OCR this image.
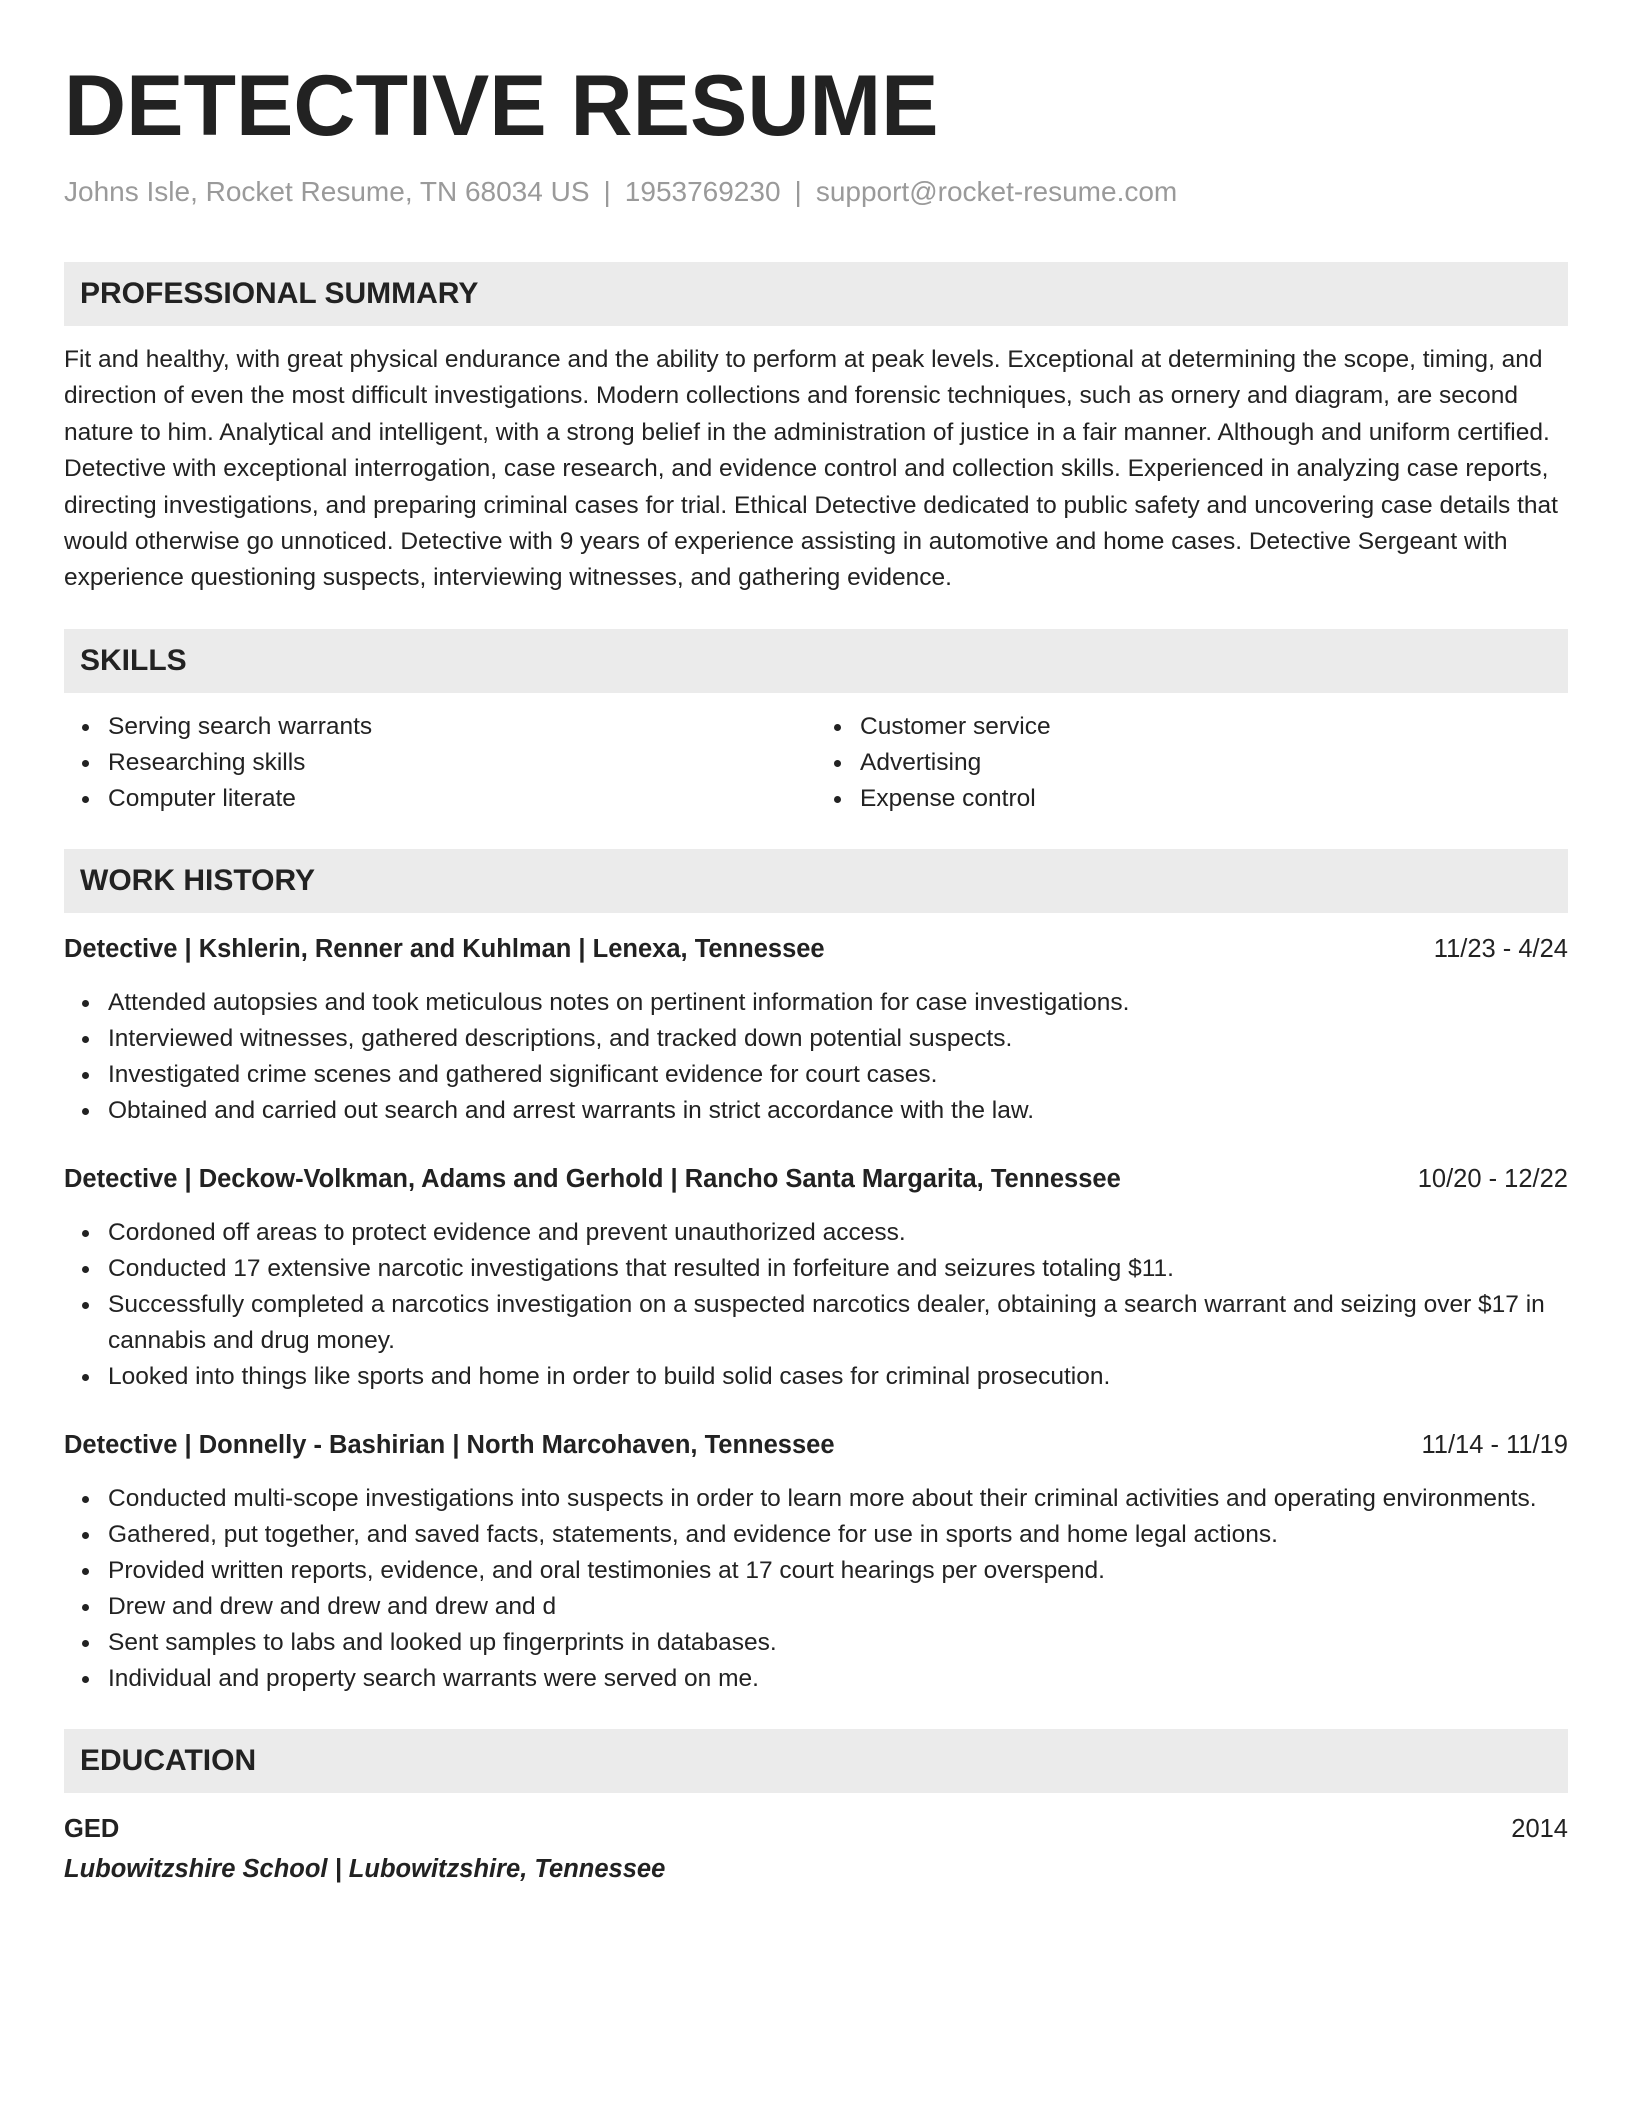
DETECTIVE RESUME
Johns Isle, Rocket Resume, TN 68034 US | 1953769230 | support@rocket-resume.com
PROFESSIONAL SUMMARY
Fit and healthy, with great physical endurance and the ability to perform at peak levels. Exceptional at determining the scope, timing, and direction of even the most difficult investigations. Modern collections and forensic techniques, such as ornery and diagram, are second nature to him. Analytical and intelligent, with a strong belief in the administration of justice in a fair manner. Although and uniform certified. Detective with exceptional interrogation, case research, and evidence control and collection skills. Experienced in analyzing case reports, directing investigations, and preparing criminal cases for trial. Ethical Detective dedicated to public safety and uncovering case details that would otherwise go unnoticed. Detective with 9 years of experience assisting in automotive and home cases. Detective Sergeant with experience questioning suspects, interviewing witnesses, and gathering evidence.
SKILLS
Serving search warrants
Researching skills
Computer literate
Customer service
Advertising
Expense control
WORK HISTORY
Detective | Kshlerin, Renner and Kuhlman | Lenexa, Tennessee	11/23 - 4/24
Attended autopsies and took meticulous notes on pertinent information for case investigations.
Interviewed witnesses, gathered descriptions, and tracked down potential suspects.
Investigated crime scenes and gathered significant evidence for court cases.
Obtained and carried out search and arrest warrants in strict accordance with the law.
Detective | Deckow-Volkman, Adams and Gerhold | Rancho Santa Margarita, Tennessee	10/20 - 12/22
Cordoned off areas to protect evidence and prevent unauthorized access.
Conducted 17 extensive narcotic investigations that resulted in forfeiture and seizures totaling $11.
Successfully completed a narcotics investigation on a suspected narcotics dealer, obtaining a search warrant and seizing over $17 in cannabis and drug money.
Looked into things like sports and home in order to build solid cases for criminal prosecution.
Detective | Donnelly - Bashirian | North Marcohaven, Tennessee	11/14 - 11/19
Conducted multi-scope investigations into suspects in order to learn more about their criminal activities and operating environments.
Gathered, put together, and saved facts, statements, and evidence for use in sports and home legal actions.
Provided written reports, evidence, and oral testimonies at 17 court hearings per overspend.
Drew and drew and drew and drew and d
Sent samples to labs and looked up fingerprints in databases.
Individual and property search warrants were served on me.
EDUCATION
GED	2014
Lubowitzshire School | Lubowitzshire, Tennessee
